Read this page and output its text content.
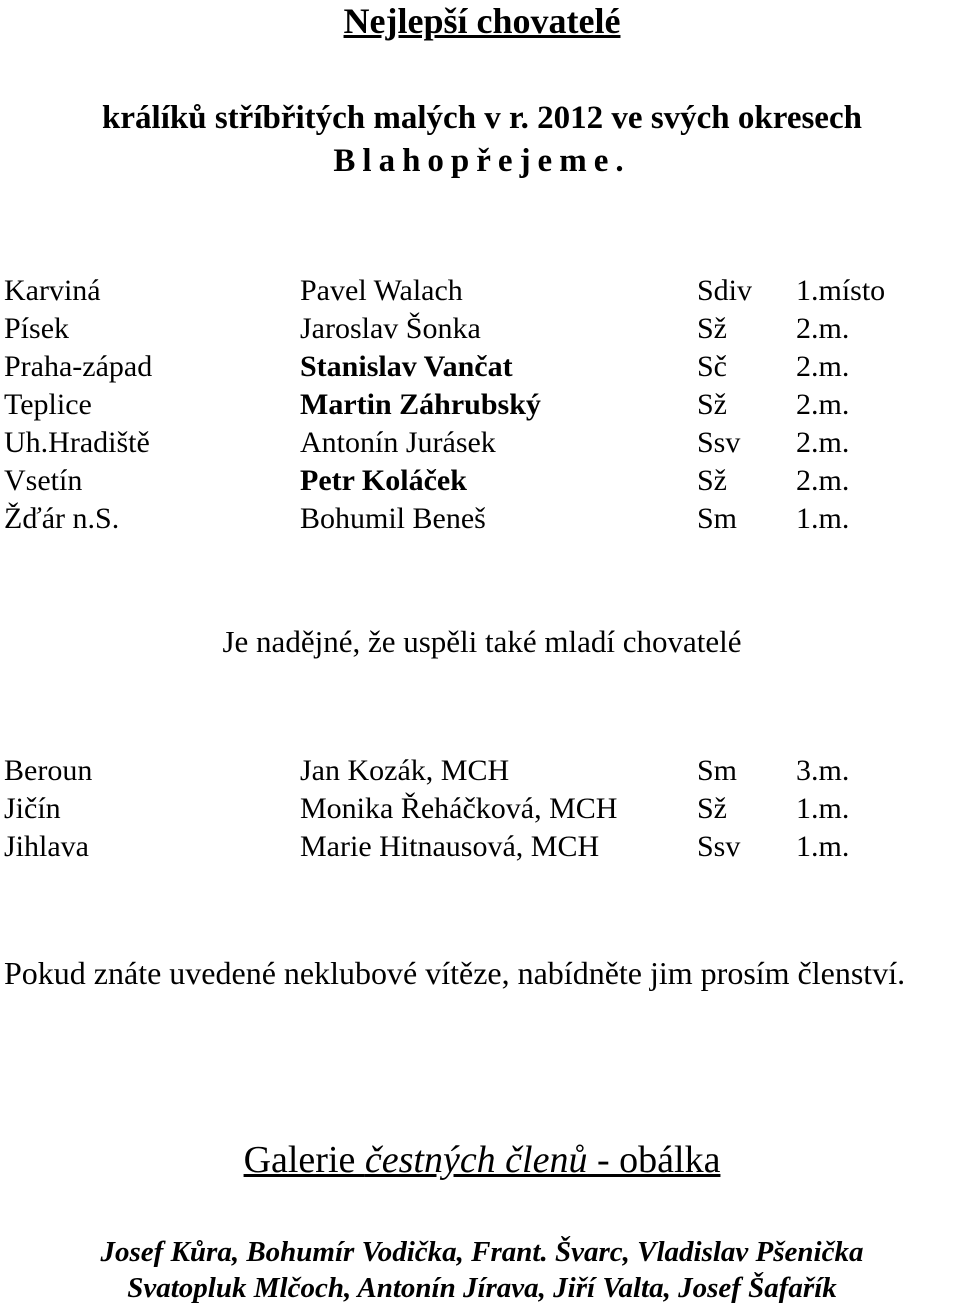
Nejlepší chovatelé
králíků stříbřitých malých v r. 2012 ve svých okresech
Blahopřejeme.
Karviná	Pavel Walach	Sdiv 1.místo
Písek	Jaroslav Šonka	Sž 2.m.
Praha-západ	Stanislav Vančat	Sč 2.m.
Teplice	Martin Záhrubský	Sž 2.m.
Uh.Hradiště	Antonín Jurásek	Ssv 2.m.
Vsetín	Petr Koláček	Sž 2.m.
Žďár n.S.	Bohumil Beneš	Sm 1.m.
Je nadějné, že uspěli také mladí chovatelé
Beroun	Jan Kozák, MCH	Sm 3.m.
Jičín	Monika Řeháčková, MCH	Sž 1.m.
Jihlava	Marie Hitnausová, MCH	Ssv 1.m.
Pokud znáte uvedené neklubové vítěze, nabídněte jim prosím členství.
Galerie čestných členů - obálka
Josef Kůra, Bohumír Vodička, Frant. Švarc, Vladislav Pšenička
Svatopluk Mlčoch, Antonín Jírava, Jiří Valta, Josef Šafařík
